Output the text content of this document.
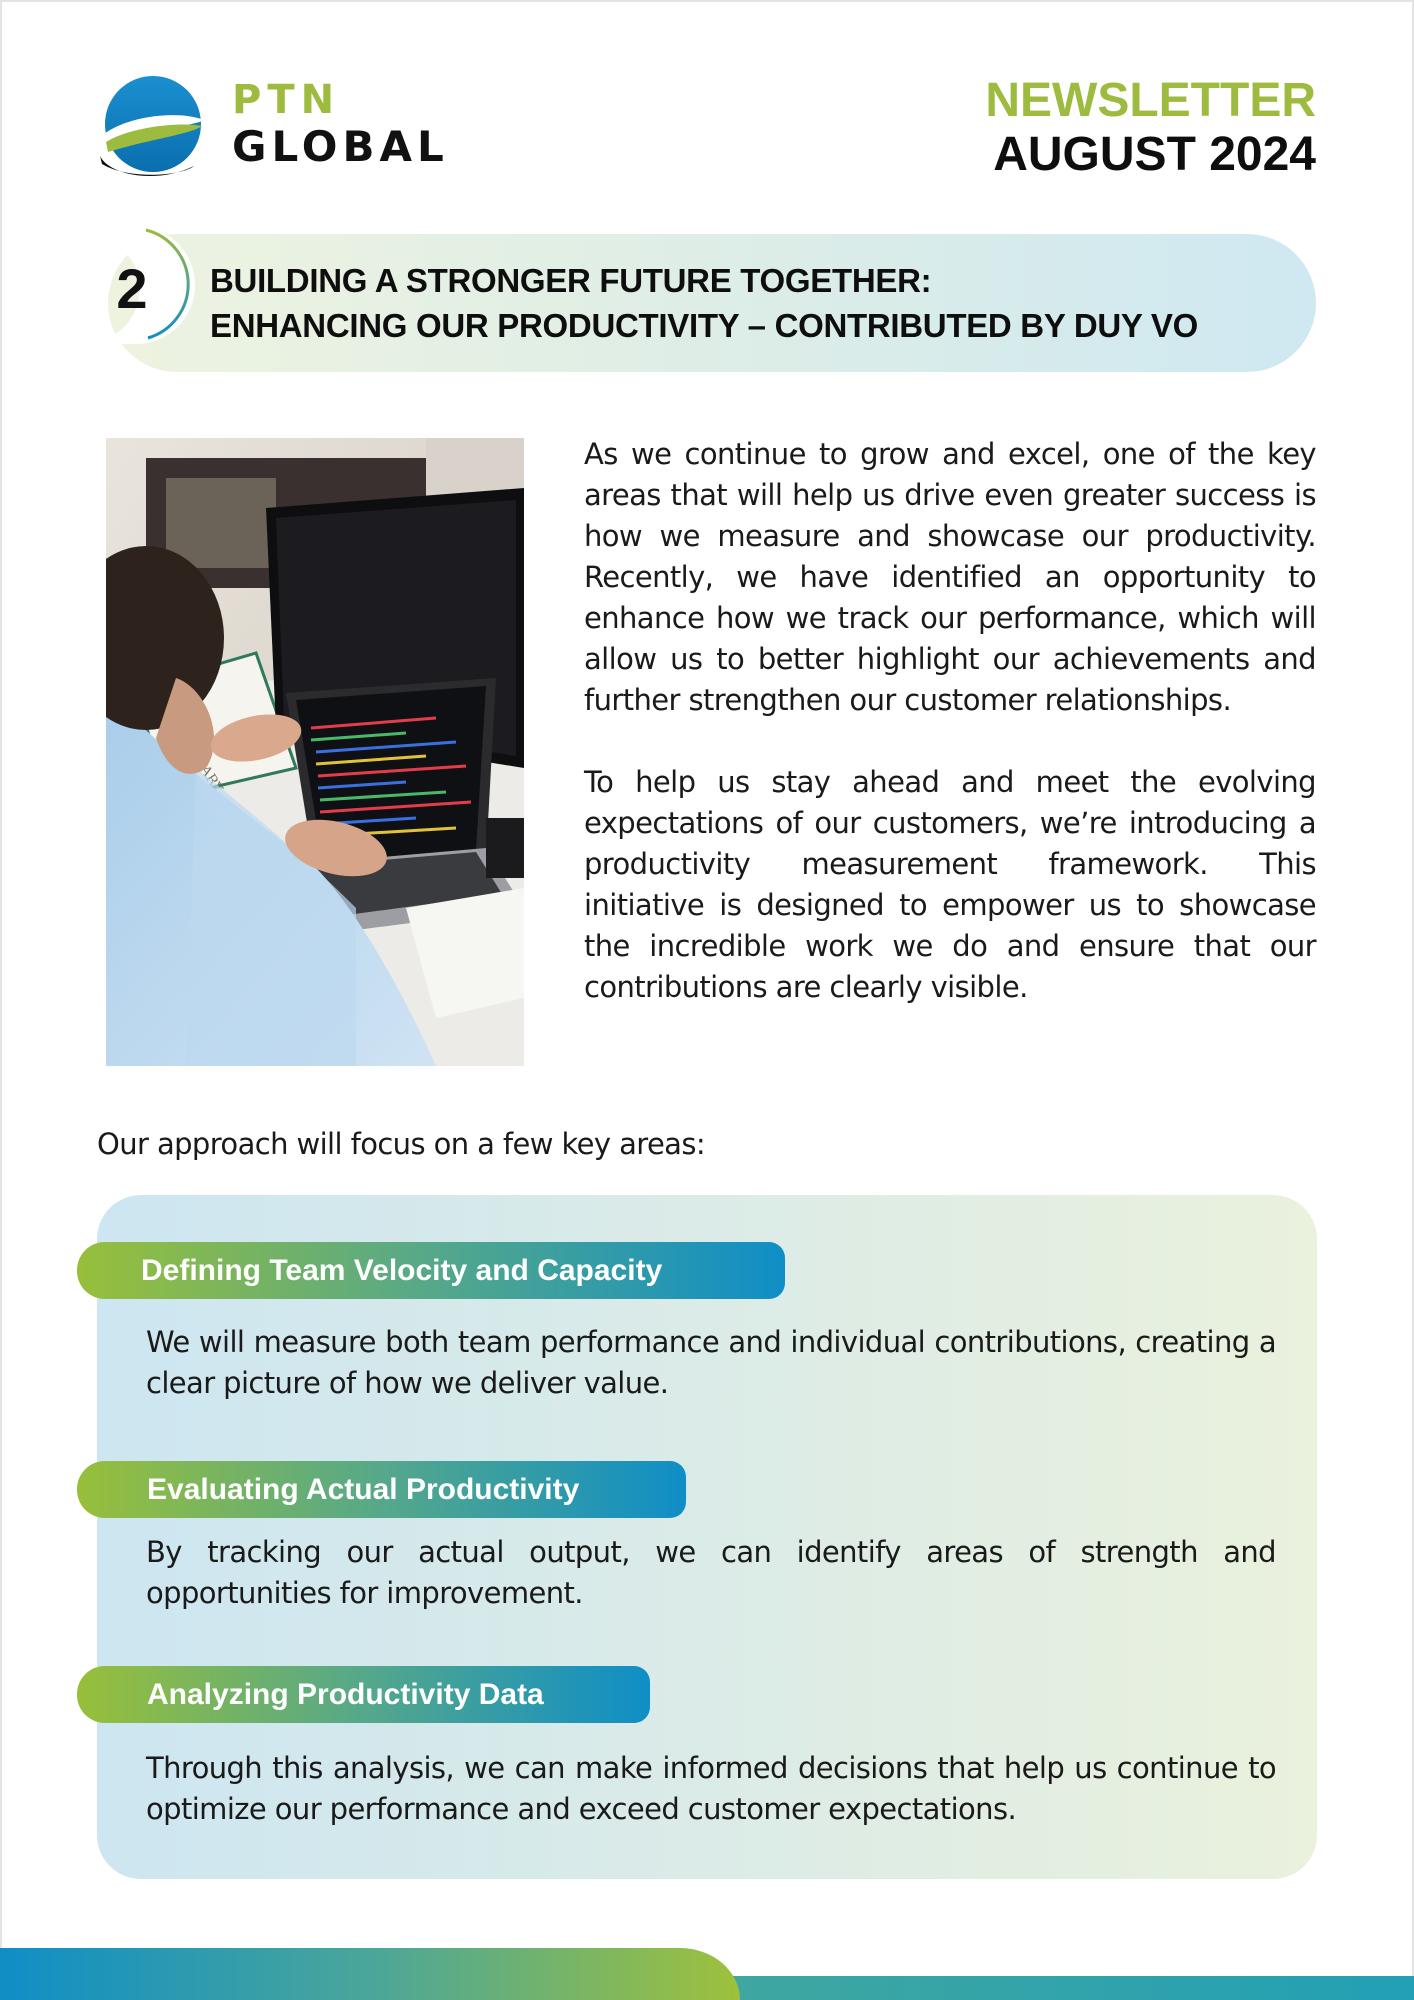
PTN
GLOBAL
NEWSLETTER
AUGUST 2024
2 BUILDING A STRONGER FUTURE TOGETHER:
ENHANCING OUR PRODUCTIVITY – CONTRIBUTED BY DUY VO

As we continue to grow and excel, one of the key areas that will help us drive even greater success is how we measure and showcase our productivity. Recently, we have identified an opportunity to enhance how we track our performance, which will allow us to better highlight our achievements and further strengthen our customer relationships.

To help us stay ahead and meet the evolving expectations of our customers, we’re introducing a productivity measurement framework. This initiative is designed to empower us to showcase the incredible work we do and ensure that our contributions are clearly visible.

Our approach will focus on a few key areas:
Defining Team Velocity and Capacity
We will measure both team performance and individual contributions, creating a clear picture of how we deliver value.
Evaluating Actual Productivity
By tracking our actual output, we can identify areas of strength and opportunities for improvement.
Analyzing Productivity Data
Through this analysis, we can make informed decisions that help us continue to optimize our performance and exceed customer expectations.
